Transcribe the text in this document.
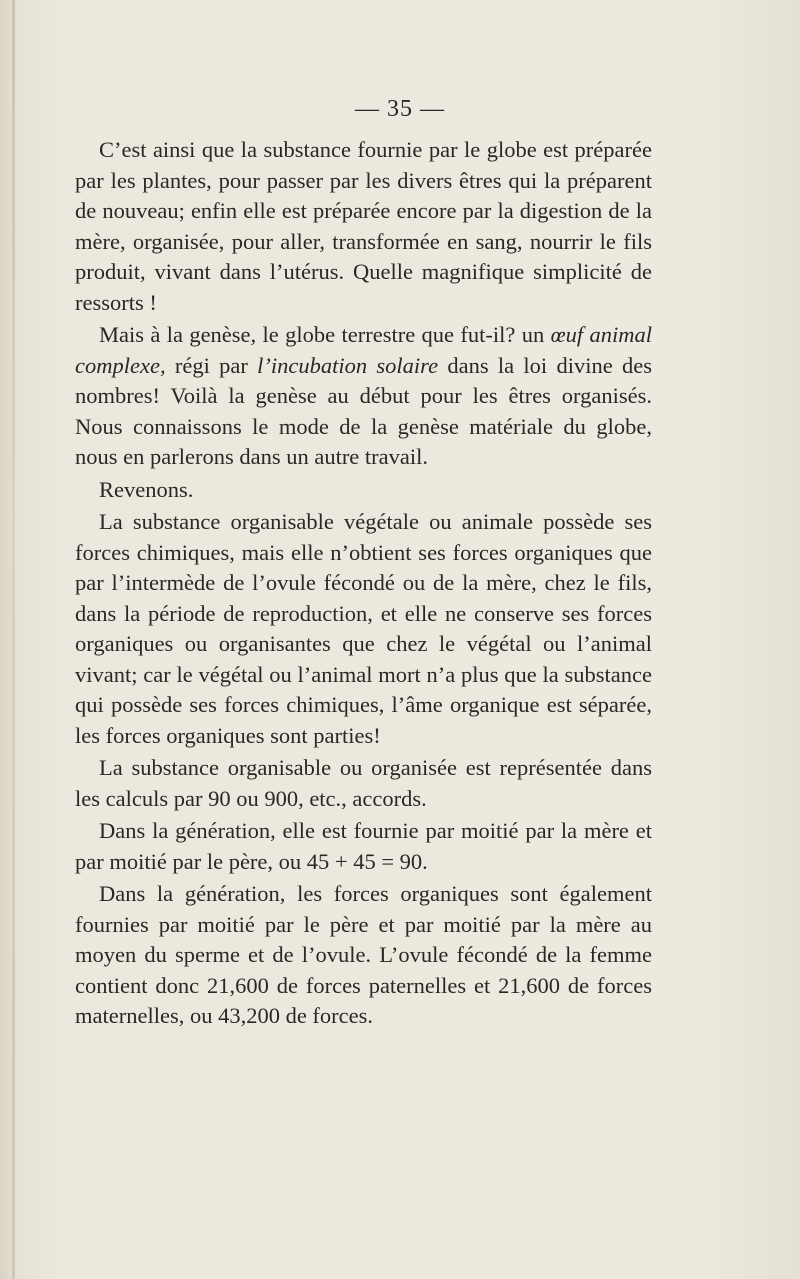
— 35 —

C’est ainsi que la substance fournie par le globe est préparée par les plantes, pour passer par les divers êtres qui la préparent de nouveau; enfin elle est préparée encore par la digestion de la mère, organisée, pour aller, transformée en sang, nourrir le fils produit, vivant dans l’utérus. Quelle magnifique simplicité de ressorts !

Mais à la genèse, le globe terrestre que fut-il? un œuf animal complexe, régi par l’incubation solaire dans la loi divine des nombres! Voilà la genèse au début pour les êtres organisés. Nous connaissons le mode de la genèse matériale du globe, nous en parlerons dans un autre travail.

Revenons.

La substance organisable végétale ou animale possède ses forces chimiques, mais elle n’obtient ses forces organiques que par l’intermède de l’ovule fécondé ou de la mère, chez le fils, dans la période de reproduction, et elle ne conserve ses forces organiques ou organisantes que chez le végétal ou l’animal vivant; car le végétal ou l’animal mort n’a plus que la substance qui possède ses forces chimiques, l’âme organique est séparée, les forces organiques sont parties!

La substance organisable ou organisée est représentée dans les calculs par 90 ou 900, etc., accords.

Dans la génération, elle est fournie par moitié par la mère et par moitié par le père, ou 45 + 45 = 90.

Dans la génération, les forces organiques sont également fournies par moitié par le père et par moitié par la mère au moyen du sperme et de l’ovule. L’ovule fécondé de la femme contient donc 21,600 de forces paternelles et 21,600 de forces maternelles, ou 43,200 de forces.
